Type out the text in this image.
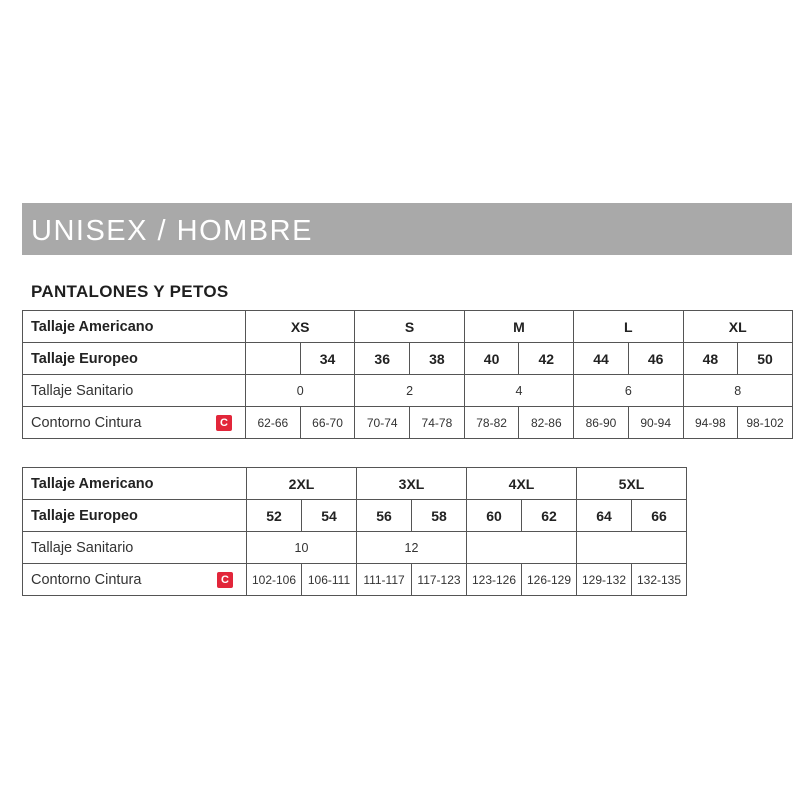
UNISEX / HOMBRE
PANTALONES Y PETOS
Tallaje Americano	XS		S		M		L		XL	
Tallaje Europeo		34	36	38	40	42	44	46	48	50
Tallaje Sanitario	0		2		4		6		8	
Contorno Cintura C	62-66	66-70	70-74	74-78	78-82	82-86	86-90	90-94	94-98	98-102
Tallaje Americano	2XL		3XL		4XL		5XL	
Tallaje Europeo	52	54	56	58	60	62	64	66
Tallaje Sanitario	10		12					
Contorno Cintura C	102-106	106-111	111-117	117-123	123-126	126-129	129-132	132-135
